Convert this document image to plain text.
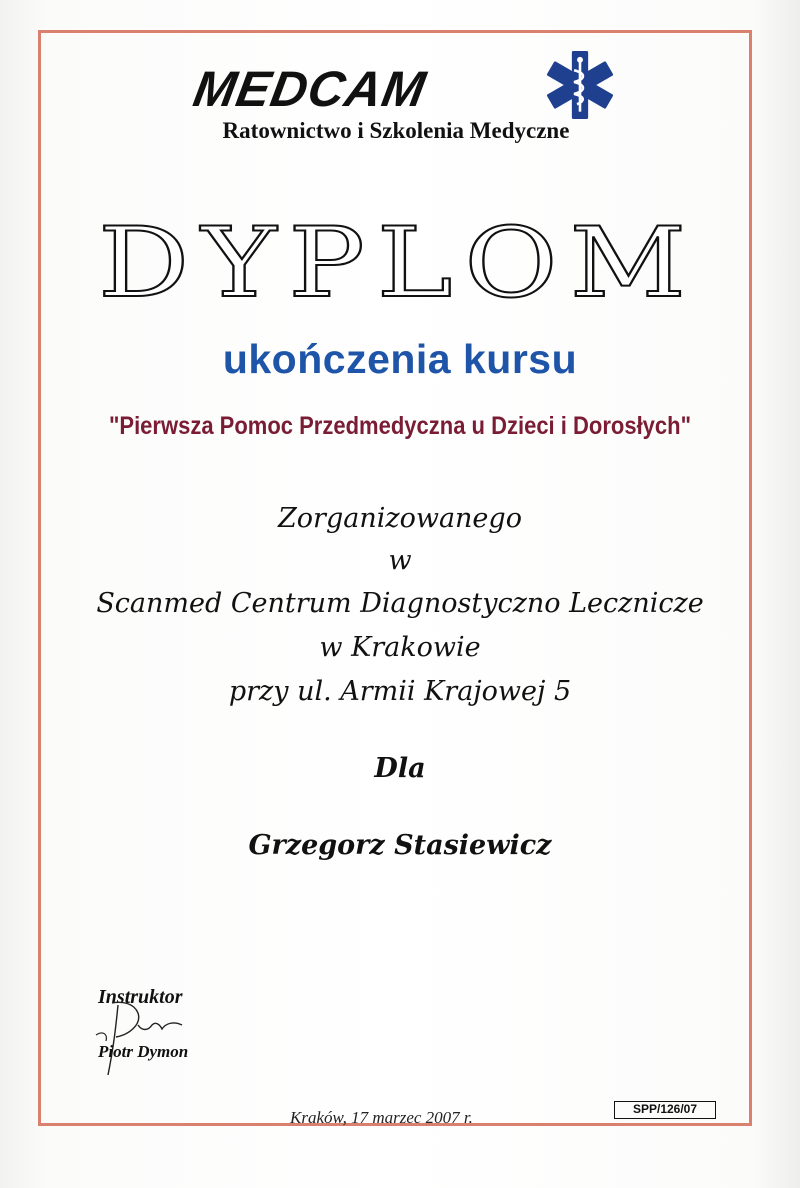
MEDCAM
Ratownictwo i Szkolenia Medyczne
DYPLOM
ukończenia kursu
"Pierwsza Pomoc Przedmedyczna u Dzieci i Dorosłych"
Zorganizowanego
w
Scanmed Centrum Diagnostyczno Lecznicze
w Krakowie
przy ul. Armii Krajowej 5
Dla
Grzegorz Stasiewicz
Instruktor
Piotr Dymon
Kraków, 17 marzec 2007 r.	SPP/126/07
